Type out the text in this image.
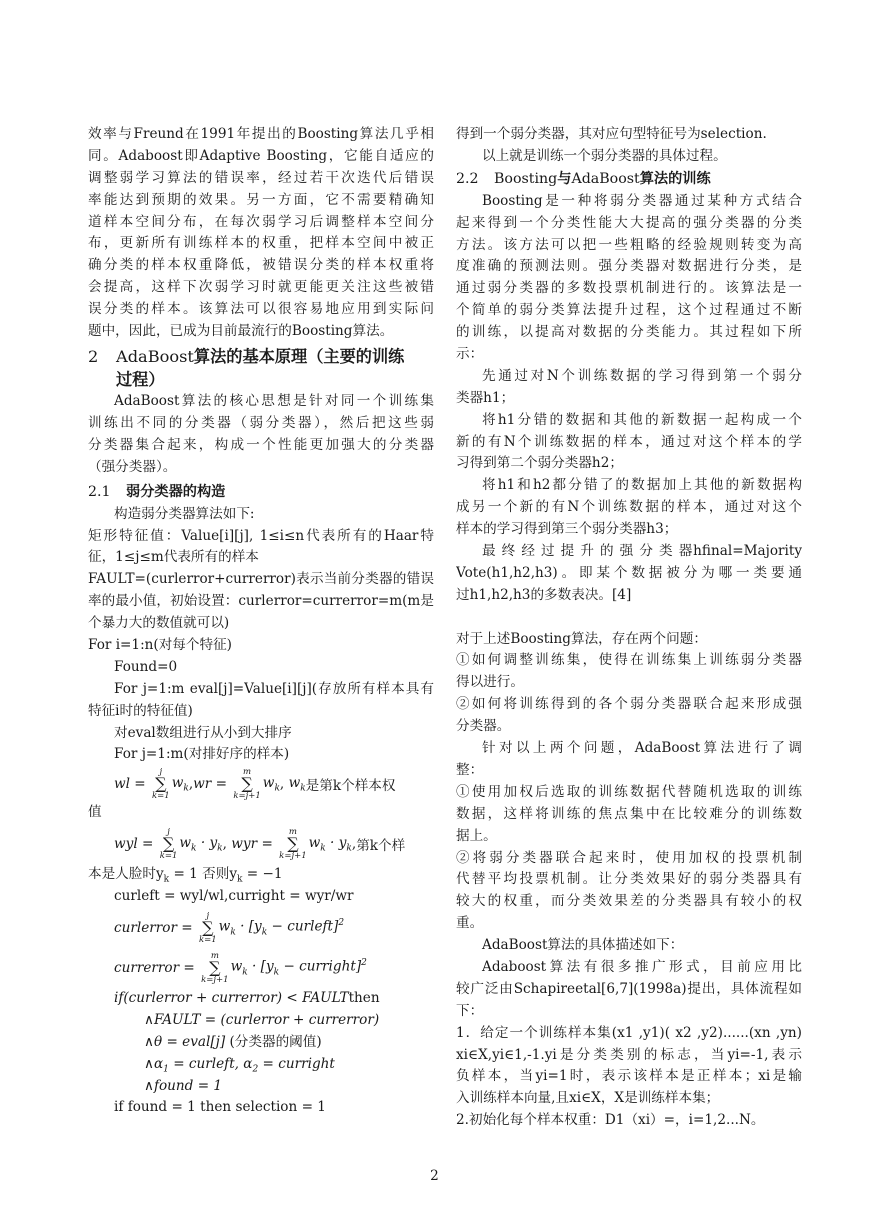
效率与Freund在1991年提出的Boosting算法几乎相
同。Adaboost即Adaptive Boosting，它能自适应的
调整弱学习算法的错误率，经过若干次迭代后错误
率能达到预期的效果。另一方面，它不需要精确知
道样本空间分布，在每次弱学习后调整样本空间分
布，更新所有训练样本的权重，把样本空间中被正
确分类的样本权重降低，被错误分类的样本权重将
会提高，这样下次弱学习时就更能更关注这些被错
误分类的样本。该算法可以很容易地应用到实际问
题中，因此，已成为目前最流行的Boosting算法。
2 AdaBoost算法的基本原理（主要的训练
过程）
AdaBoost算法的核心思想是针对同一个训练集
训练出不同的分类器（弱分类器），然后把这些弱
分类器集合起来，构成一个性能更加强大的分类器
（强分类器）。
2.1 弱分类器的构造
构造弱分类器算法如下:
矩形特征值：Value[i][j], 1≤i≤n代表所有的Haar特
征，1≤j≤m代表所有的样本
FAULT=(curlerror+currerror)表示当前分类器的错误
率的最小值，初始设置：curlerror=currerror=m(m是
个暴力大的数值就可以)
For i=1:n(对每个特征)
Found=0
For j=1:m eval[j]=Value[i][j](存放所有样本具有
特征i时的特征值)
对eval数组进行从小到大排序
For j=1:m(对排好序的样本)
wl =
j
∑
k=1
$w_k$ , wr =
m
∑
k=j+1
$w_k$ , $w_k$ 是第k个样本权
值
wyl =
j
∑
k=1
$w_k \cdot y_k$ , wyr =
m
∑
k=j+1
$w_k \cdot y_k$ , 第k个样
本是人脸时$y_k = 1$ 否则$y_k = -1$
curleft = wyl/wl,curright = wyr/wr
curlerror =
j
∑
k=1
$w_k \cdot [y_k$ − curleft]$^2$
currerror =
m
∑
k=j+1
$w_k \cdot [y_k$ − curright]$^2$
if(curlerror + currerror) < FAULTthen
∧FAULT = (curlerror + currerror)
∧θ = eval[j] (分类器的阈值)
$\wedge\alpha_1$ = curleft, $\alpha_2$ = curright
∧found = 1
if found = 1 then selection = 1
得到一个弱分类器，其对应句型特征号为selection.
以上就是训练一个弱分类器的具体过程。
2.2 Boosting与AdaBoost算法的训练
Boosting是一种将弱分类器通过某种方式结合
起来得到一个分类性能大大提高的强分类器的分类
方法。该方法可以把一些粗略的经验规则转变为高
度准确的预测法则。强分类器对数据进行分类，是
通过弱分类器的多数投票机制进行的。该算法是一
个简单的弱分类算法提升过程，这个过程通过不断
的训练，以提高对数据的分类能力。其过程如下所
示：
先通过对N个训练数据的学习得到第一个弱分
类器h1；
将h1分错的数据和其他的新数据一起构成一个
新的有N个训练数据的样本，通过对这个样本的学
习得到第二个弱分类器h2；
将h1和h2都分错了的数据加上其他的新数据构
成另一个新的有N个训练数据的样本，通过对这个
样本的学习得到第三个弱分类器h3；
最 终 经 过 提 升 的 强 分 类 器hfinal=Majority
Vote(h1,h2,h3)。即某个数据被分为哪一类要通
过h1,h2,h3的多数表决。[4]
对于上述Boosting算法，存在两个问题：
①如何调整训练集，使得在训练集上训练弱分类器
得以进行。
②如何将训练得到的各个弱分类器联合起来形成强
分类器。
针对以上两个问题，AdaBoost算法进行了调
整：
①使用加权后选取的训练数据代替随机选取的训练
数据，这样将训练的焦点集中在比较难分的训练数
据上。
②将弱分类器联合起来时，使用加权的投票机制
代替平均投票机制。让分类效果好的弱分类器具有
较大的权重，而分类效果差的分类器具有较小的权
重。
AdaBoost算法的具体描述如下：
Adaboost算法有很多推广形式，目前应用比
较广泛由Schapireetal[6,7](1998a)提出，具体流程如
下：
1．给定一个训练样本集(x1 ,y1)( x2 ,y2)......(xn ,yn)
xi∈X,yi∈1,-1.yi是分类类别的标志，当yi=-1,表示
负样本，当yi=1时，表示该样本是正样本；xi是输
入训练样本向量,且xi∈X，X是训练样本集；
2.初始化每个样本权重：D1（xi）=，i=1,2...N。
2
